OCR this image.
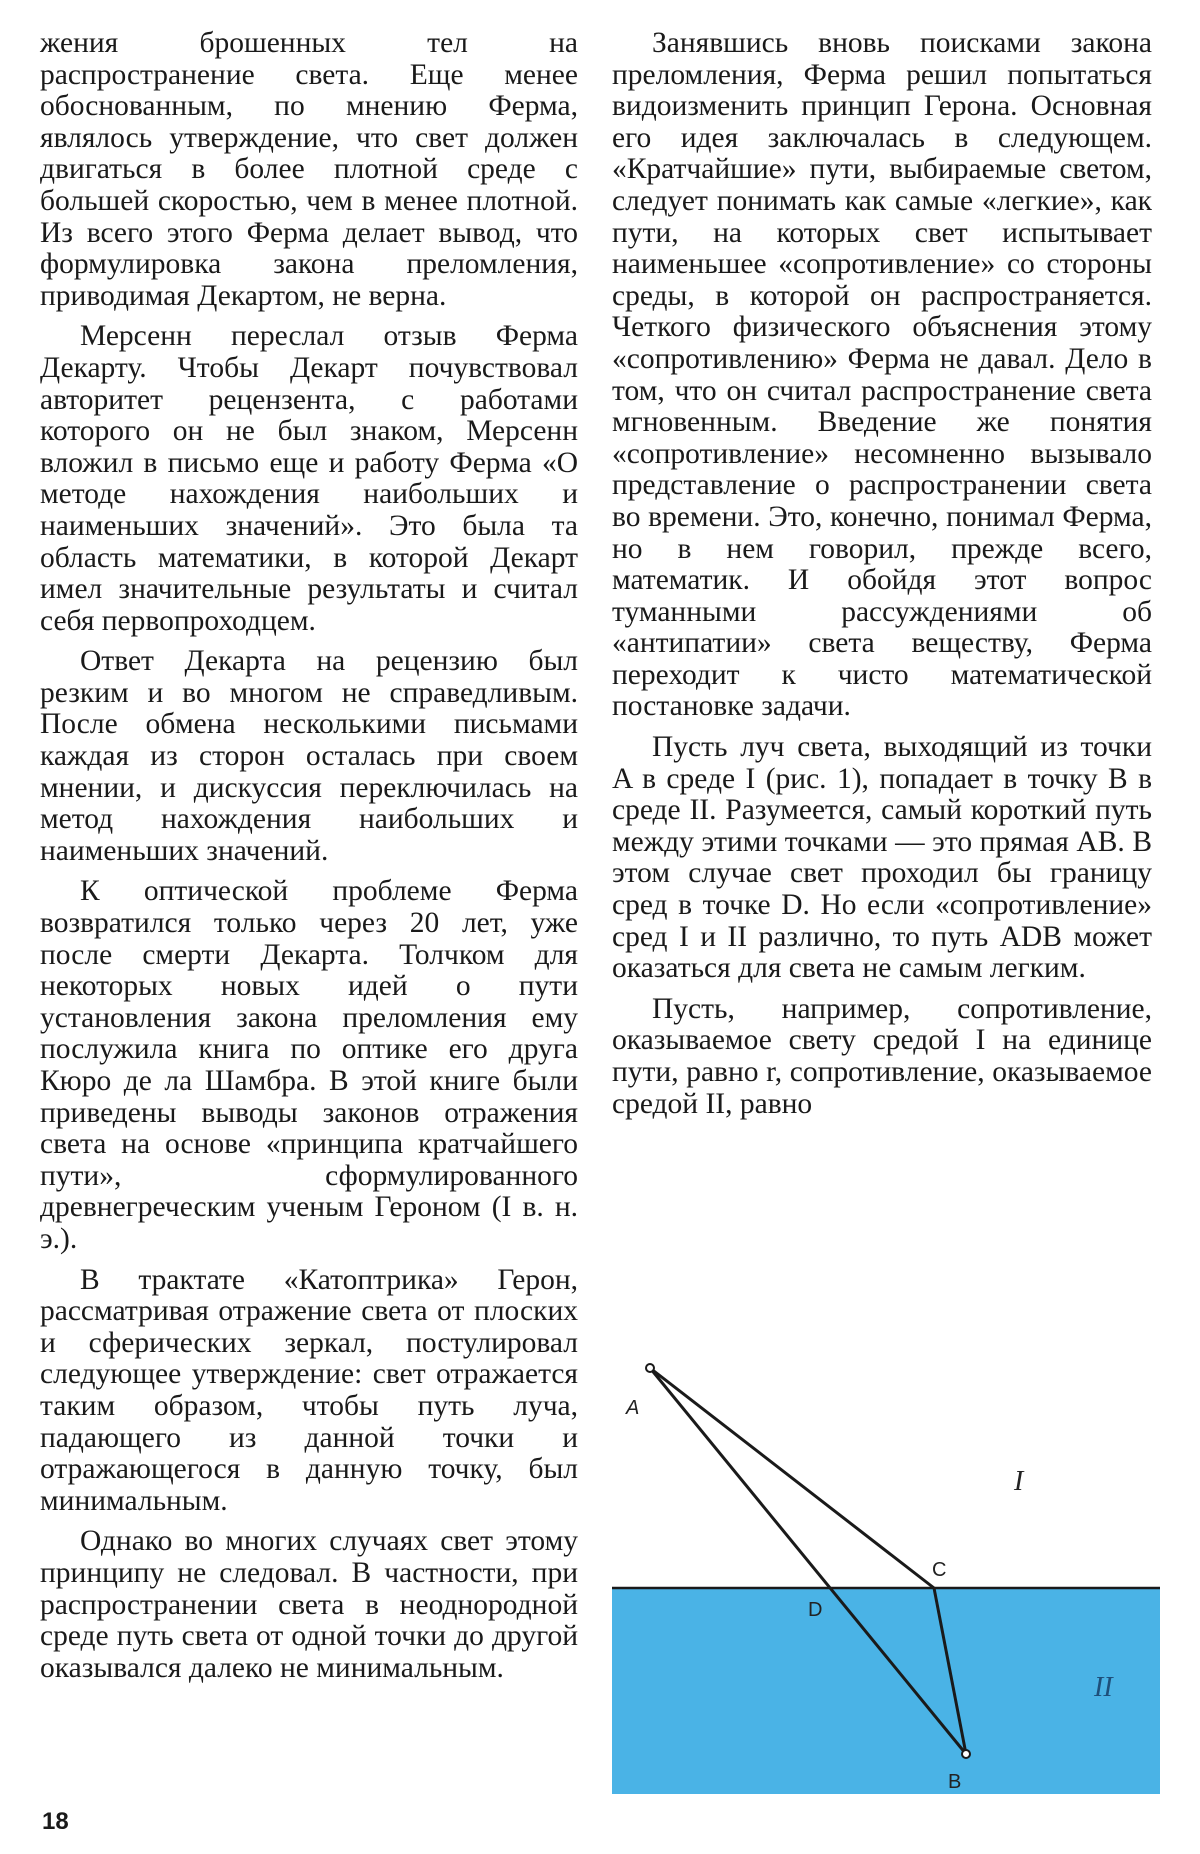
жения брошенных тел на распространение света. Еще менее обоснованным, по мнению Ферма, являлось утверждение, что свет должен двигаться в более плотной среде с большей скоростью, чем в менее плотной. Из всего этого Ферма делает вывод, что формулировка закона преломления, приводимая Декартом, не верна.

Мерсенн переслал отзыв Ферма Декарту. Чтобы Декарт почувствовал авторитет рецензента, с работами которого он не был знаком, Мерсенн вложил в письмо еще и работу Ферма «О методе нахождения наибольших и наименьших значений». Это была та область математики, в которой Декарт имел значительные результаты и считал себя первопроходцем.

Ответ Декарта на рецензию был резким и во многом не справедливым. После обмена несколькими письмами каждая из сторон осталась при своем мнении, и дискуссия переключилась на метод нахождения наибольших и наименьших значений.

К оптической проблеме Ферма возвратился только через 20 лет, уже после смерти Декарта. Толчком для некоторых новых идей о пути установления закона преломления ему послужила книга по оптике его друга Кюро де ла Шамбра. В этой книге были приведены выводы законов отражения света на основе «принципа кратчайшего пути», сформулированного древнегреческим ученым Героном (I в. н. э.).

В трактате «Катоптрика» Герон, рассматривая отражение света от плоских и сферических зеркал, постулировал следующее утверждение: свет отражается таким образом, чтобы путь луча, падающего из данной точки и отражающегося в данную точку, был минимальным.

Однако во многих случаях свет этому принципу не следовал. В частности, при распространении света в неоднородной среде путь света от одной точки до другой оказывался далеко не минимальным.

Занявшись вновь поисками закона преломления, Ферма решил попытаться видоизменить принцип Герона. Основная его идея заключалась в следующем. «Кратчайшие» пути, выбираемые светом, следует понимать как самые «легкие», как пути, на которых свет испытывает наименьшее «сопротивление» со стороны среды, в которой он распространяется. Четкого физического объяснения этому «сопротивлению» Ферма не давал. Дело в том, что он считал распространение света мгновенным. Введение же понятия «сопротивление» несомненно вызывало представление о распространении света во времени. Это, конечно, понимал Ферма, но в нем говорил, прежде всего, математик. И обойдя этот вопрос туманными рассуждениями об «антипатии» света веществу, Ферма переходит к чисто математической постановке задачи.

Пусть луч света, выходящий из точки A в среде I (рис. 1), попадает в точку B в среде II. Разумеется, самый короткий путь между этими точками — это прямая AB. В этом случае свет проходил бы границу сред в точке D. Но если «сопротивление» сред I и II различно, то путь ADB может оказаться для света не самым легким.

Пусть, например, сопротивление, оказываемое свету средой I на единице пути, равно r, сопротивление, оказываемое средой II, равно

A
B
C
D
I
II
18
